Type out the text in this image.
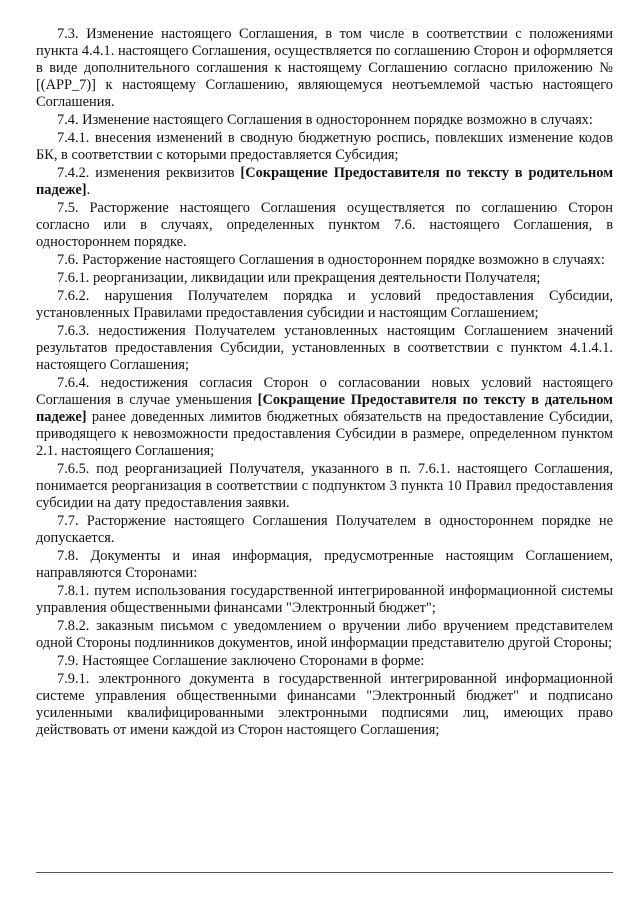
7.3. Изменение настоящего Соглашения, в том числе в соответствии с положениями пункта 4.4.1. настоящего Соглашения, осуществляется по соглашению Сторон и оформляется в виде дополнительного соглашения к настоящему Соглашению согласно приложению № [(APP_7)] к настоящему Соглашению, являющемуся неотъемлемой частью настоящего Соглашения.

7.4. Изменение настоящего Соглашения в одностороннем порядке возможно в случаях:

7.4.1. внесения изменений в сводную бюджетную роспись, повлекших изменение кодов БК, в соответствии с которыми предоставляется Субсидия;

7.4.2. изменения реквизитов [Сокращение Предоставителя по тексту в родительном падеже].

7.5. Расторжение настоящего Соглашения осуществляется по соглашению Сторон согласно или в случаях, определенных пунктом 7.6. настоящего Соглашения, в одностороннем порядке.

7.6. Расторжение настоящего Соглашения в одностороннем порядке возможно в случаях:

7.6.1. реорганизации, ликвидации или прекращения деятельности Получателя;

7.6.2. нарушения Получателем порядка и условий предоставления Субсидии, установленных Правилами предоставления субсидии и настоящим Соглашением;

7.6.3. недостижения Получателем установленных настоящим Соглашением значений результатов предоставления Субсидии, установленных в соответствии с пунктом 4.1.4.1. настоящего Соглашения;

7.6.4. недостижения согласия Сторон о согласовании новых условий настоящего Соглашения в случае уменьшения [Сокращение Предоставителя по тексту в дательном падеже] ранее доведенных лимитов бюджетных обязательств на предоставление Субсидии, приводящего к невозможности предоставления Субсидии в размере, определенном пунктом 2.1. настоящего Соглашения;

7.6.5. под реорганизацией Получателя, указанного в п. 7.6.1. настоящего Соглашения, понимается реорганизация в соответствии с подпунктом 3 пункта 10 Правил предоставления субсидии на дату предоставления заявки.

7.7. Расторжение настоящего Соглашения Получателем в одностороннем порядке не допускается.

7.8. Документы и иная информация, предусмотренные настоящим Соглашением, направляются Сторонами:

7.8.1. путем использования государственной интегрированной информационной системы управления общественными финансами "Электронный бюджет";

7.8.2. заказным письмом с уведомлением о вручении либо вручением представителем одной Стороны подлинников документов, иной информации представителю другой Стороны;

7.9. Настоящее Соглашение заключено Сторонами в форме:

7.9.1. электронного документа в государственной интегрированной информационной системе управления общественными финансами "Электронный бюджет" и подписано усиленными квалифицированными электронными подписями лиц, имеющих право действовать от имени каждой из Сторон настоящего Соглашения;
